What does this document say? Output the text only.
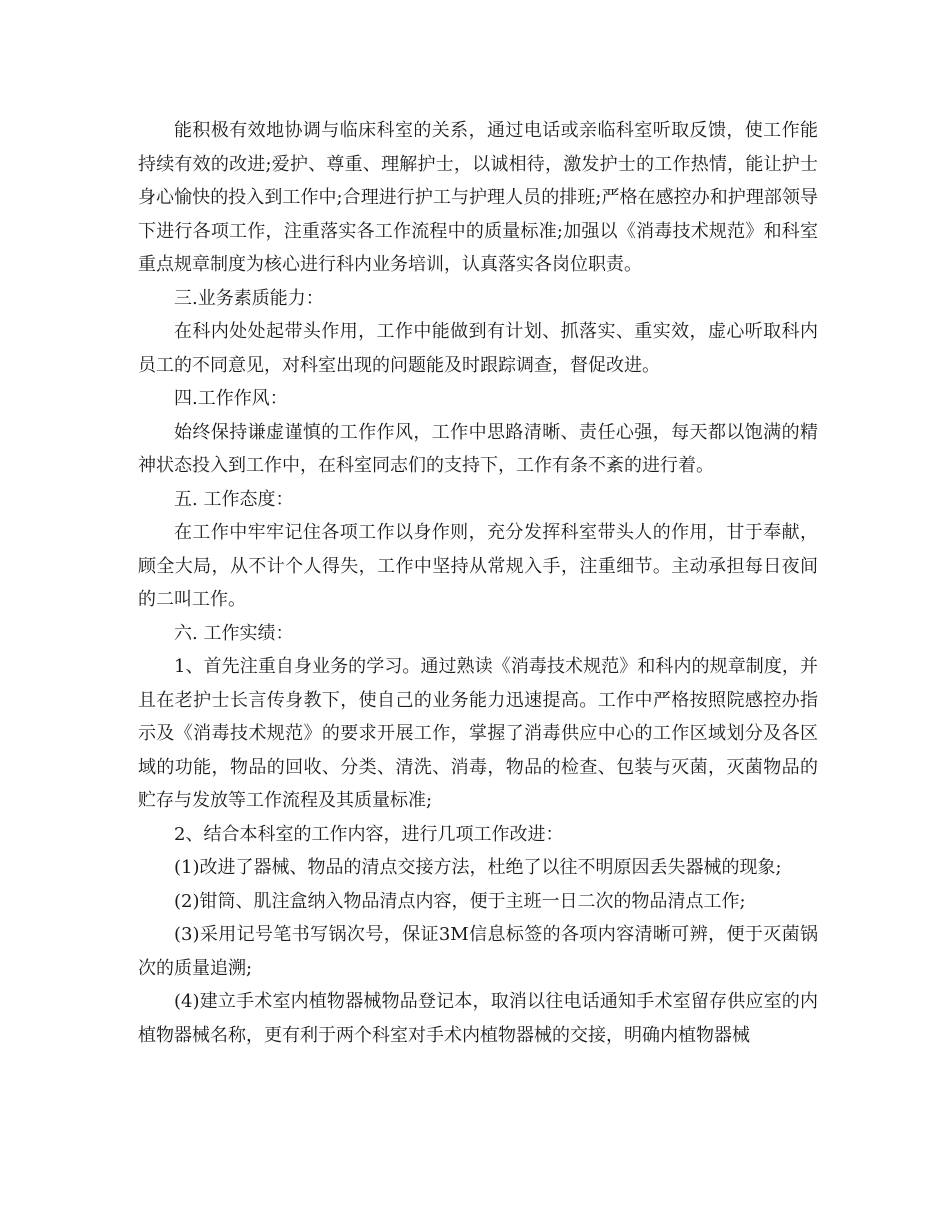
能积极有效地协调与临床科室的关系，通过电话或亲临科室听取反馈，使工作能持续有效的改进;爱护、尊重、理解护士，以诚相待，激发护士的工作热情，能让护士身心愉快的投入到工作中;合理进行护工与护理人员的排班;严格在感控办和护理部领导下进行各项工作，注重落实各工作流程中的质量标准;加强以《消毒技术规范》和科室重点规章制度为核心进行科内业务培训，认真落实各岗位职责。

三.业务素质能力：

在科内处处起带头作用，工作中能做到有计划、抓落实、重实效，虚心听取科内员工的不同意见，对科室出现的问题能及时跟踪调查，督促改进。

四.工作作风：

始终保持谦虚谨慎的工作作风，工作中思路清晰、责任心强，每天都以饱满的精神状态投入到工作中，在科室同志们的支持下，工作有条不紊的进行着。

五. 工作态度：

在工作中牢牢记住各项工作以身作则，充分发挥科室带头人的作用，甘于奉献，顾全大局，从不计个人得失，工作中坚持从常规入手，注重细节。主动承担每日夜间的二叫工作。

六. 工作实绩：

1、首先注重自身业务的学习。通过熟读《消毒技术规范》和科内的规章制度，并且在老护士长言传身教下，使自己的业务能力迅速提高。工作中严格按照院感控办指示及《消毒技术规范》的要求开展工作，掌握了消毒供应中心的工作区域划分及各区域的功能，物品的回收、分类、清洗、消毒，物品的检查、包装与灭菌，灭菌物品的贮存与发放等工作流程及其质量标准;

2、结合本科室的工作内容，进行几项工作改进：

(1)改进了器械、物品的清点交接方法，杜绝了以往不明原因丢失器械的现象;

(2)钳筒、肌注盒纳入物品清点内容，便于主班一日二次的物品清点工作;

(3)采用记号笔书写锅次号，保证3M信息标签的各项内容清晰可辨，便于灭菌锅次的质量追溯;

(4)建立手术室内植物器械物品登记本，取消以往电话通知手术室留存供应室的内植物器械名称，更有利于两个科室对手术内植物器械的交接，明确内植物器械
